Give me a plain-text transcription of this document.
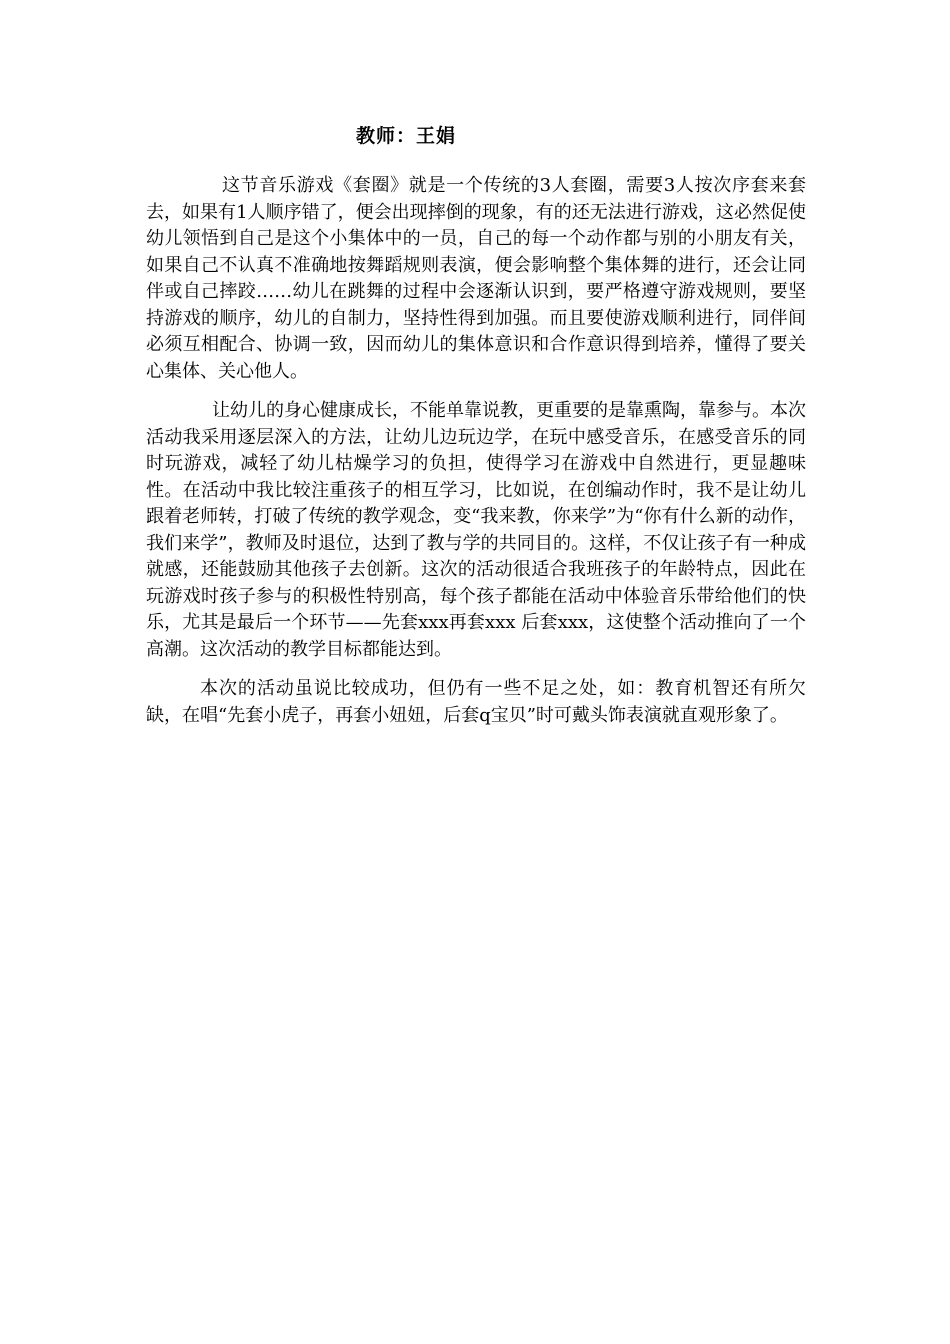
教师：王娟

这节音乐游戏《套圈》就是一个传统的3人套圈，需要3人按次序套来套去，如果有1人顺序错了，便会出现摔倒的现象，有的还无法进行游戏，这必然促使幼儿领悟到自己是这个小集体中的一员，自己的每一个动作都与别的小朋友有关，如果自己不认真不准确地按舞蹈规则表演，便会影响整个集体舞的进行，还会让同伴或自己摔跤……幼儿在跳舞的过程中会逐渐认识到，要严格遵守游戏规则，要坚持游戏的顺序，幼儿的自制力，坚持性得到加强。而且要使游戏顺利进行，同伴间必须互相配合、协调一致，因而幼儿的集体意识和合作意识得到培养，懂得了要关心集体、关心他人。

让幼儿的身心健康成长，不能单靠说教，更重要的是靠熏陶，靠参与。本次活动我采用逐层深入的方法，让幼儿边玩边学，在玩中感受音乐，在感受音乐的同时玩游戏，减轻了幼儿枯燥学习的负担，使得学习在游戏中自然进行，更显趣味性。在活动中我比较注重孩子的相互学习，比如说，在创编动作时，我不是让幼儿跟着老师转，打破了传统的教学观念，变“我来教，你来学”为“你有什么新的动作，我们来学”，教师及时退位，达到了教与学的共同目的。这样，不仅让孩子有一种成就感，还能鼓励其他孩子去创新。这次的活动很适合我班孩子的年龄特点，因此在玩游戏时孩子参与的积极性特别高，每个孩子都能在活动中体验音乐带给他们的快乐，尤其是最后一个环节——先套xxx再套xxx 后套xxx，这使整个活动推向了一个高潮。这次活动的教学目标都能达到。

本次的活动虽说比较成功，但仍有一些不足之处，如：教育机智还有所欠缺，在唱“先套小虎子，再套小妞妞，后套q宝贝”时可戴头饰表演就直观形象了。
